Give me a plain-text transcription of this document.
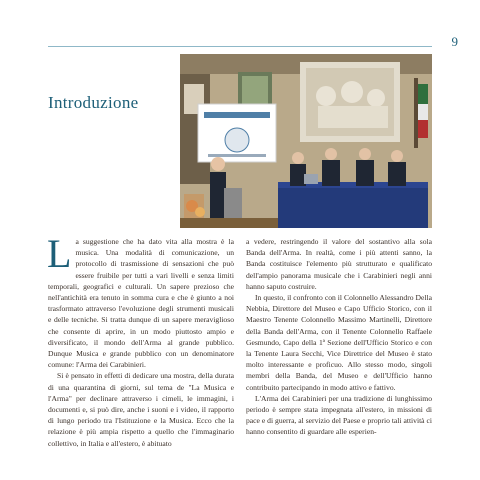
9
Introduzione

La suggestione che ha dato vita alla mostra è la musica. Una modalità di comunicazione, un protocollo di trasmissione di sensazioni che può essere fruibile per tutti a vari livelli e senza limiti temporali, geografici e culturali. Un sapere prezioso che nell'antichità era tenuto in somma cura e che è giunto a noi trasformato attraverso l'evoluzione degli strumenti musicali e delle tecniche. Si tratta dunque di un sapere meraviglioso che consente di aprire, in un modo piuttosto ampio e diversificato, il mondo dell'Arma al grande pubblico. Dunque Musica e grande pubblico con un denominatore comune: l'Arma dei Carabinieri.

Si è pensato in effetti di dedicare una mostra, della durata di una quarantina di giorni, sul tema de "La Musica e l'Arma" per declinare attraverso i cimeli, le immagini, i documenti e, si può dire, anche i suoni e i video, il rapporto di lungo periodo tra l'Istituzione e la Musica. Ecco che la relazione è più ampia rispetto a quello che l'immaginario collettivo, in Italia e all'estero, è abituato

a vedere, restringendo il valore del sostantivo alla sola Banda dell'Arma. In realtà, come i più attenti sanno, la Banda costituisce l'elemento più strutturato e qualificato dell'ampio panorama musicale che i Carabinieri negli anni hanno saputo costruire.

In questo, il confronto con il Colonnello Alessandro Della Nebbia, Direttore del Museo e Capo Ufficio Storico, con il Maestro Tenente Colonnello Massimo Martinelli, Direttore della Banda dell'Arma, con il Tenente Colonnello Raffaele Gesmundo, Capo della 1ª Sezione dell'Ufficio Storico e con la Tenente Laura Secchi, Vice Direttrice del Museo è stato molto interessante e proficuo. Allo stesso modo, singoli membri della Banda, del Museo e dell'Ufficio hanno contribuito partecipando in modo attivo e fattivo.

L'Arma dei Carabinieri per una tradizione di lunghissimo periodo è sempre stata impegnata all'estero, in missioni di pace e di guerra, al servizio del Paese e proprio tali attività ci hanno consentito di guardare alle esperien-
